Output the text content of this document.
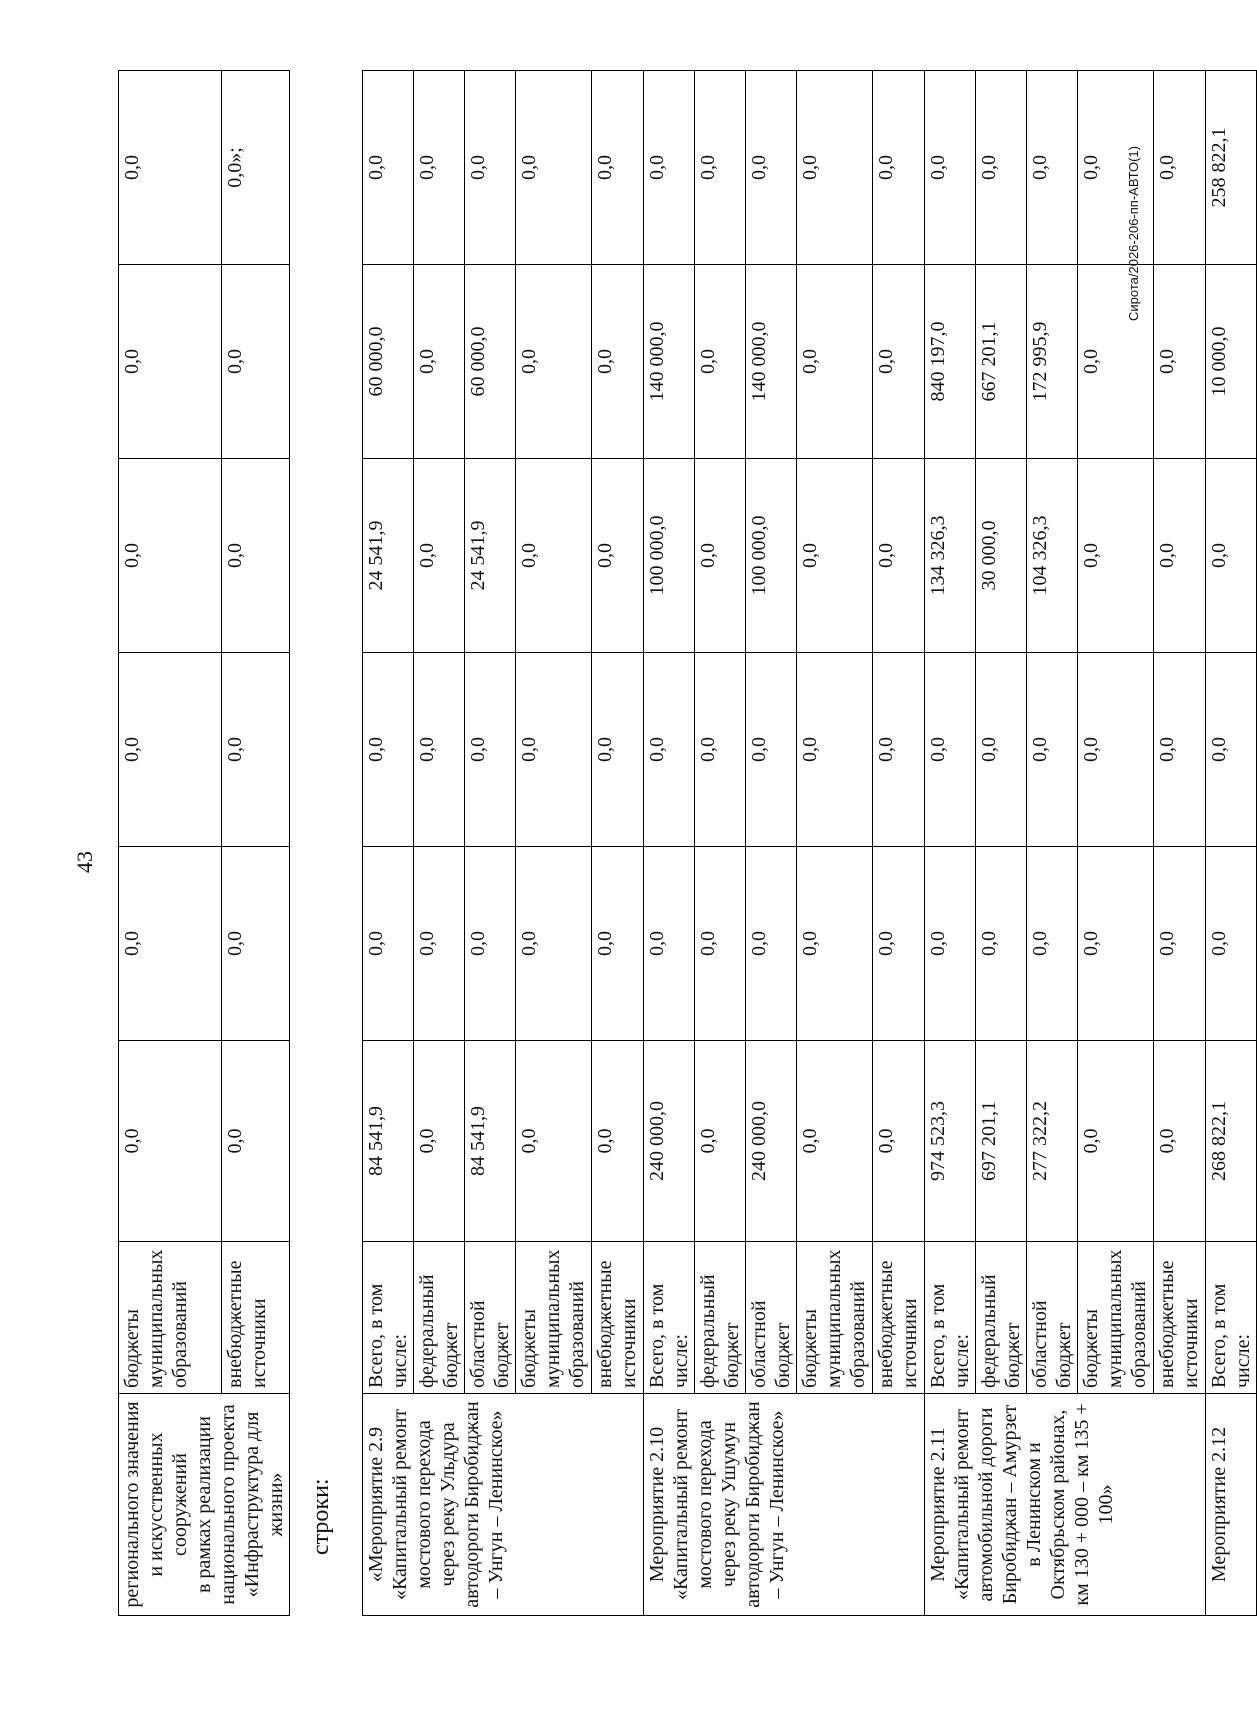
43
регионального значения и искусственных сооружений в рамках реализации национального проекта «Инфраструктура для жизни»	бюджеты муниципальных образований	0,0	0,0	0,0	0,0	0,0	0,0
	внебюджетные источники	0,0	0,0	0,0	0,0	0,0	0,0»;
строки: «Мероприятие 2.9 «Капитальный ремонт мостового перехода через реку Ульдура автодороги Биробиджан – Унгун – Ленинское»	Всего, в том числе:	84 541,9	0,0	0,0	24 541,9	60 000,0	0,0
	федеральный бюджет	0,0	0,0	0,0	0,0	0,0	0,0
	областной бюджет	84 541,9	0,0	0,0	24 541,9	60 000,0	0,0
	бюджеты муниципальных образований	0,0	0,0	0,0	0,0	0,0	0,0
	внебюджетные источники	0,0	0,0	0,0	0,0	0,0	0,0
Мероприятие 2.10 «Капитальный ремонт мостового перехода через реку Ушумун автодороги Биробиджан – Унгун – Ленинское»	Всего, в том числе:	240 000,0	0,0	0,0	100 000,0	140 000,0	0,0
	федеральный бюджет	0,0	0,0	0,0	0,0	0,0	0,0
	областной бюджет	240 000,0	0,0	0,0	100 000,0	140 000,0	0,0
	бюджеты муниципальных образований	0,0	0,0	0,0	0,0	0,0	0,0
	внебюджетные источники	0,0	0,0	0,0	0,0	0,0	0,0
Мероприятие 2.11 «Капитальный ремонт автомобильной дороги Биробиджан – Амурзет в Ленинском и Октябрьском районах, км 130 + 000 – км 135 + 100»	Всего, в том числе:	974 523,3	0,0	0,0	134 326,3	840 197,0	0,0
	федеральный бюджет	697 201,1	0,0	0,0	30 000,0	667 201,1	0,0
	областной бюджет	277 322,2	0,0	0,0	104 326,3	172 995,9	0,0
	бюджеты муниципальных образований	0,0	0,0	0,0	0,0	0,0	0,0
	внебюджетные источники	0,0	0,0	0,0	0,0	0,0	0,0
Мероприятие 2.12	Всего, в том числе:	268 822,1	0,0	0,0	0,0	10 000,0	258 822,1
Сирота/2026-206-пп-АВТО(1)
